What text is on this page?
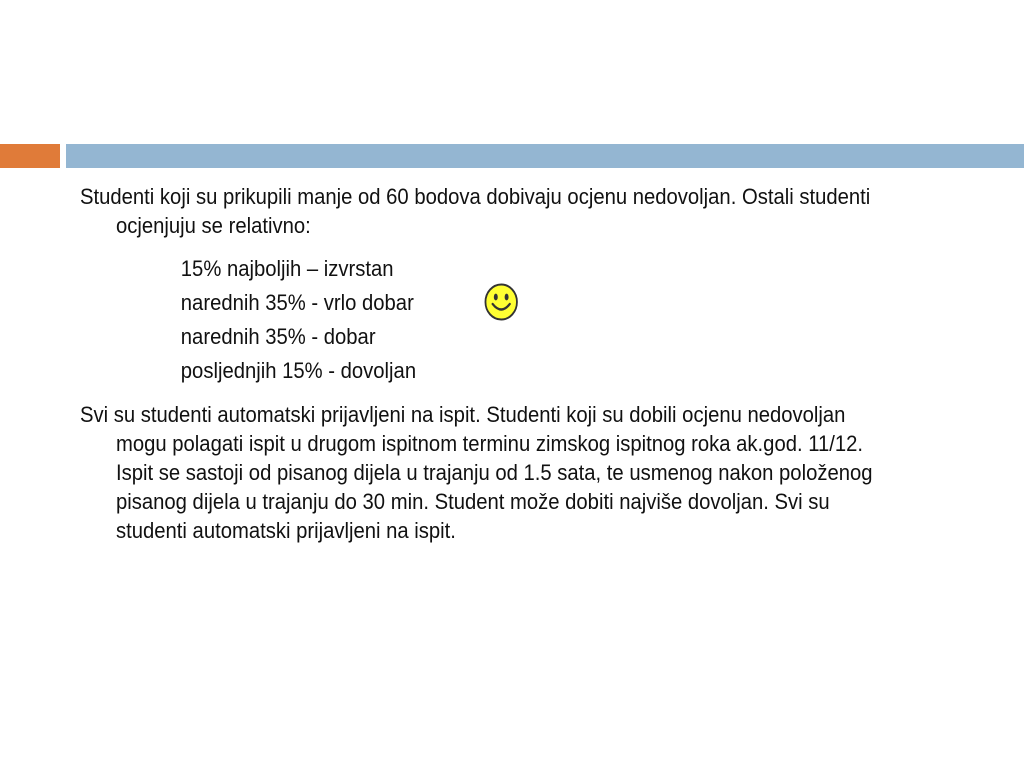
Studenti koji su prikupili manje od 60 bodova dobivaju ocjenu nedovoljan. Ostali studenti ocjenjuju se relativno:

15% najboljih – izvrstan

narednih 35% - vrlo dobar

narednih 35% - dobar

posljednjih 15% - dovoljan

Svi su studenti automatski prijavljeni na ispit. Studenti koji su dobili ocjenu nedovoljan mogu polagati ispit u drugom ispitnom terminu zimskog ispitnog roka ak.god. 11/12. Ispit se sastoji od pisanog dijela u trajanju od 1.5 sata, te usmenog nakon položenog pisanog dijela u trajanju do 30 min. Student može dobiti najviše dovoljan. Svi su studenti automatski prijavljeni na ispit.
